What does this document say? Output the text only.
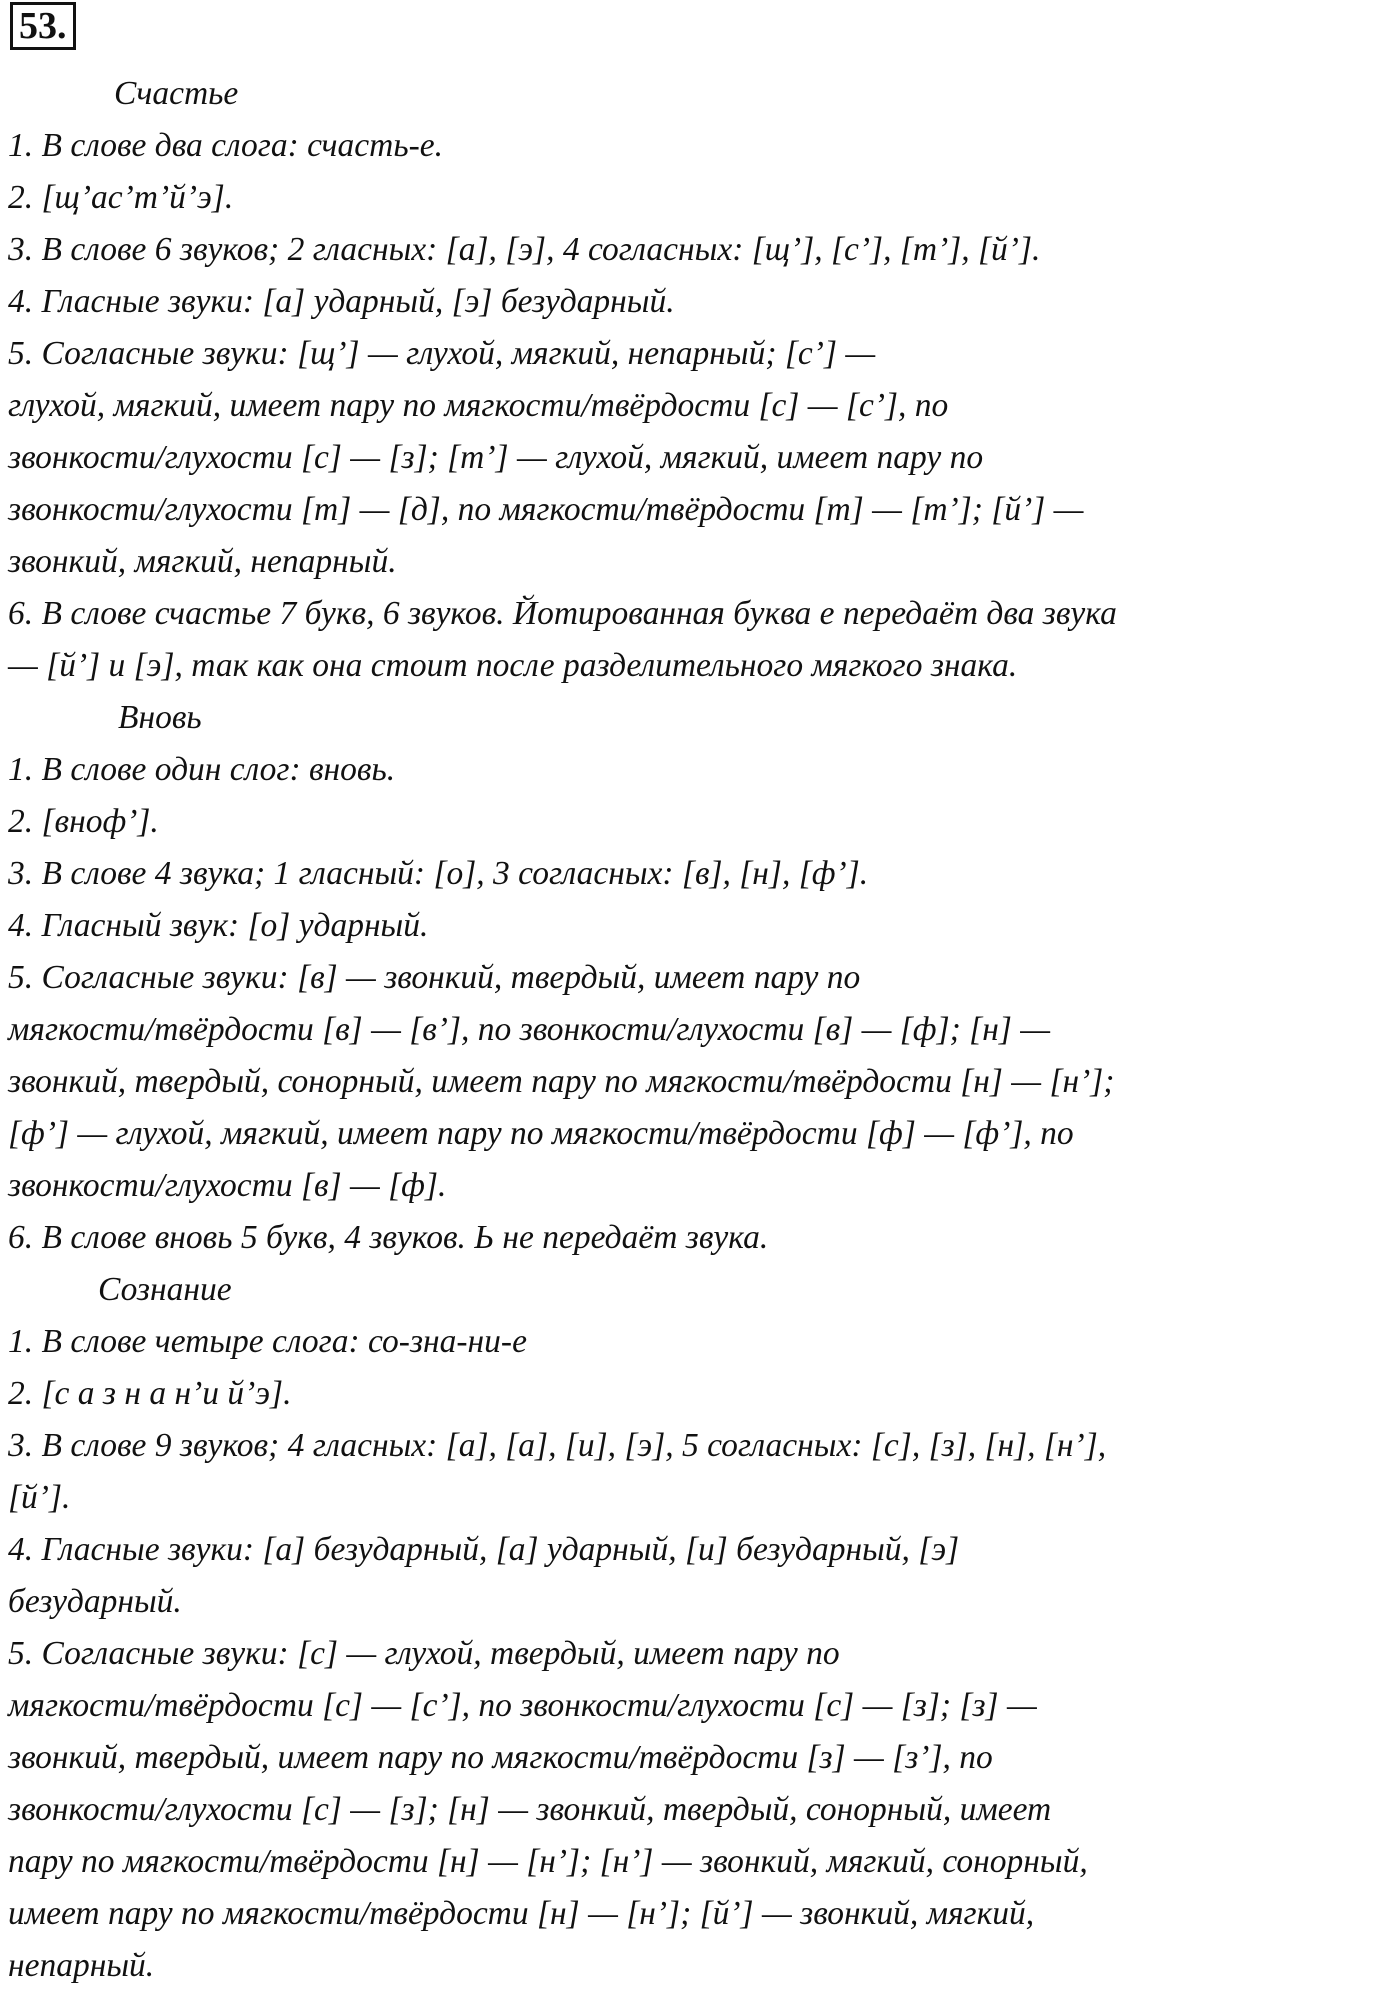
53.
Счастье
1. В слове два слога: счасть-е.
2. [щ’ас’т’й’э].
3. В слове 6 звуков; 2 гласных: [а], [э], 4 согласных: [щ’], [с’], [т’], [й’].
4. Гласные звуки: [а] ударный, [э] безударный.
5. Согласные звуки: [щ’] — глухой, мягкий, непарный; [с’] —
глухой, мягкий, имеет пару по мягкости/твёрдости [с] — [с’], по
звонкости/глухости [с] — [з]; [т’] — глухой, мягкий, имеет пару по
звонкости/глухости [т] — [д], по мягкости/твёрдости [т] — [т’]; [й’] —
звонкий, мягкий, непарный.
6. В слове счастье 7 букв, 6 звуков. Йотированная буква е передаёт два звука
— [й’] и [э], так как она стоит после разделительного мягкого знака.
Вновь
1. В слове один слог: вновь.
2. [вноф’].
3. В слове 4 звука; 1 гласный: [о], 3 согласных: [в], [н], [ф’].
4. Гласный звук: [о] ударный.
5. Согласные звуки: [в] — звонкий, твердый, имеет пару по
мягкости/твёрдости [в] — [в’], по звонкости/глухости [в] — [ф]; [н] —
звонкий, твердый, сонорный, имеет пару по мягкости/твёрдости [н] — [н’];
[ф’] — глухой, мягкий, имеет пару по мягкости/твёрдости [ф] — [ф’], по
звонкости/глухости [в] — [ф].
6. В слове вновь 5 букв, 4 звуков. Ь не передаёт звука.
Сознание
1. В слове четыре слога: со-зна-ни-е
2. [с а з н а н’и й’э].
3. В слове 9 звуков; 4 гласных: [а], [а], [и], [э], 5 согласных: [с], [з], [н], [н’],
[й’].
4. Гласные звуки: [а] безударный, [а] ударный, [и] безударный, [э]
безударный.
5. Согласные звуки: [с] — глухой, твердый, имеет пару по
мягкости/твёрдости [с] — [с’], по звонкости/глухости [с] — [з]; [з] —
звонкий, твердый, имеет пару по мягкости/твёрдости [з] — [з’], по
звонкости/глухости [с] — [з]; [н] — звонкий, твердый, сонорный, имеет
пару по мягкости/твёрдости [н] — [н’]; [н’] — звонкий, мягкий, сонорный,
имеет пару по мягкости/твёрдости [н] — [н’]; [й’] — звонкий, мягкий,
непарный.
